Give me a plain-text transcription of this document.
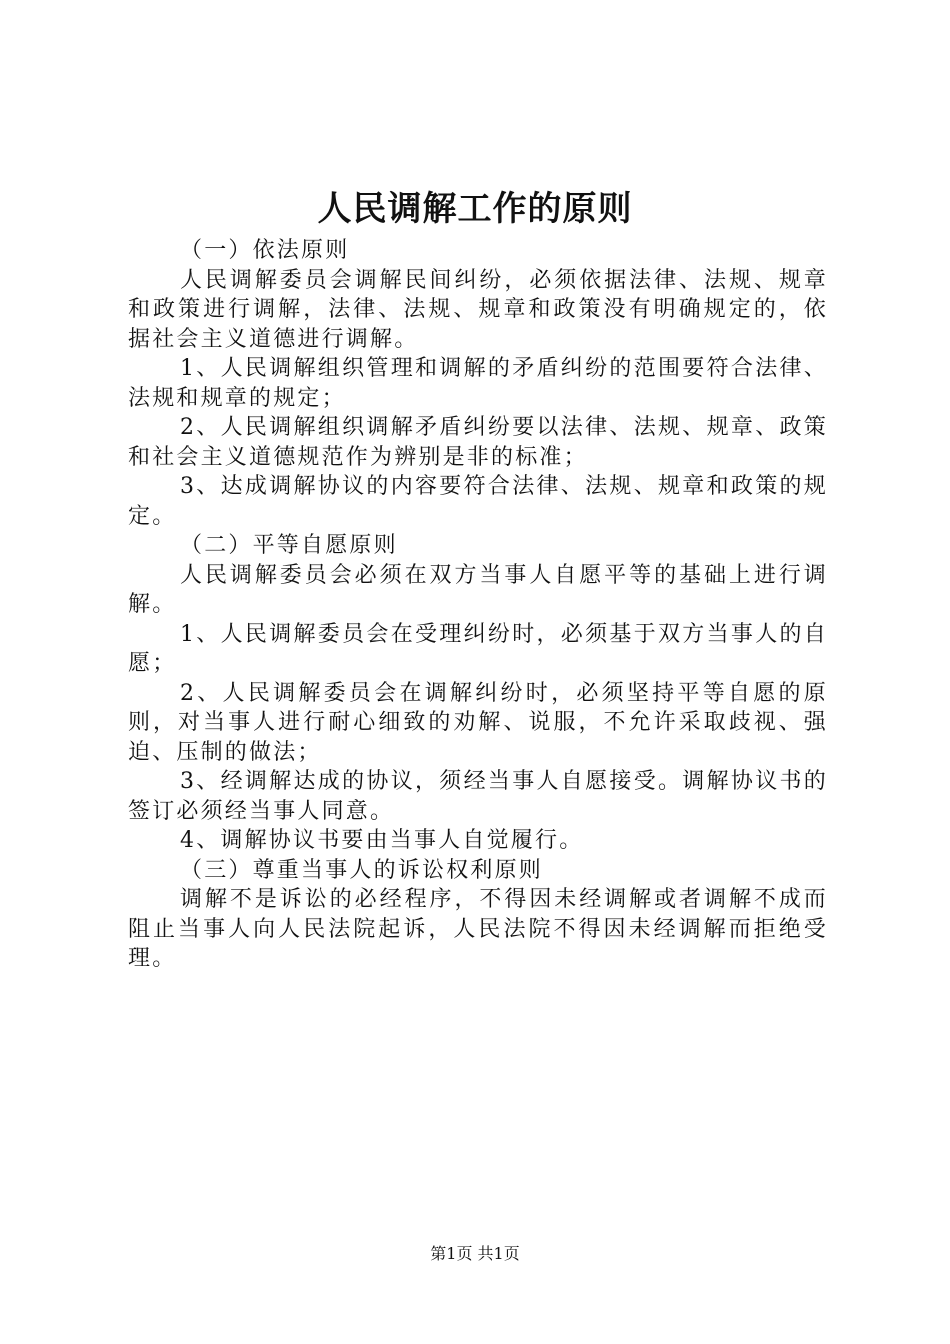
人民调解工作的原则

（一）依法原则

人民调解委员会调解民间纠纷，必须依据法律、法规、规章和政策进行调解，法律、法规、规章和政策没有明确规定的，依据社会主义道德进行调解。

1、人民调解组织管理和调解的矛盾纠纷的范围要符合法律、法规和规章的规定；

2、人民调解组织调解矛盾纠纷要以法律、法规、规章、政策和社会主义道德规范作为辨别是非的标准；

3、达成调解协议的内容要符合法律、法规、规章和政策的规定。

（二）平等自愿原则

人民调解委员会必须在双方当事人自愿平等的基础上进行调解。

1、人民调解委员会在受理纠纷时，必须基于双方当事人的自愿；

2、人民调解委员会在调解纠纷时，必须坚持平等自愿的原则，对当事人进行耐心细致的劝解、说服，不允许采取歧视、强迫、压制的做法；

3、经调解达成的协议，须经当事人自愿接受。调解协议书的签订必须经当事人同意。

4、调解协议书要由当事人自觉履行。

（三）尊重当事人的诉讼权利原则

调解不是诉讼的必经程序，不得因未经调解或者调解不成而阻止当事人向人民法院起诉，人民法院不得因未经调解而拒绝受理。

第1页 共1页
